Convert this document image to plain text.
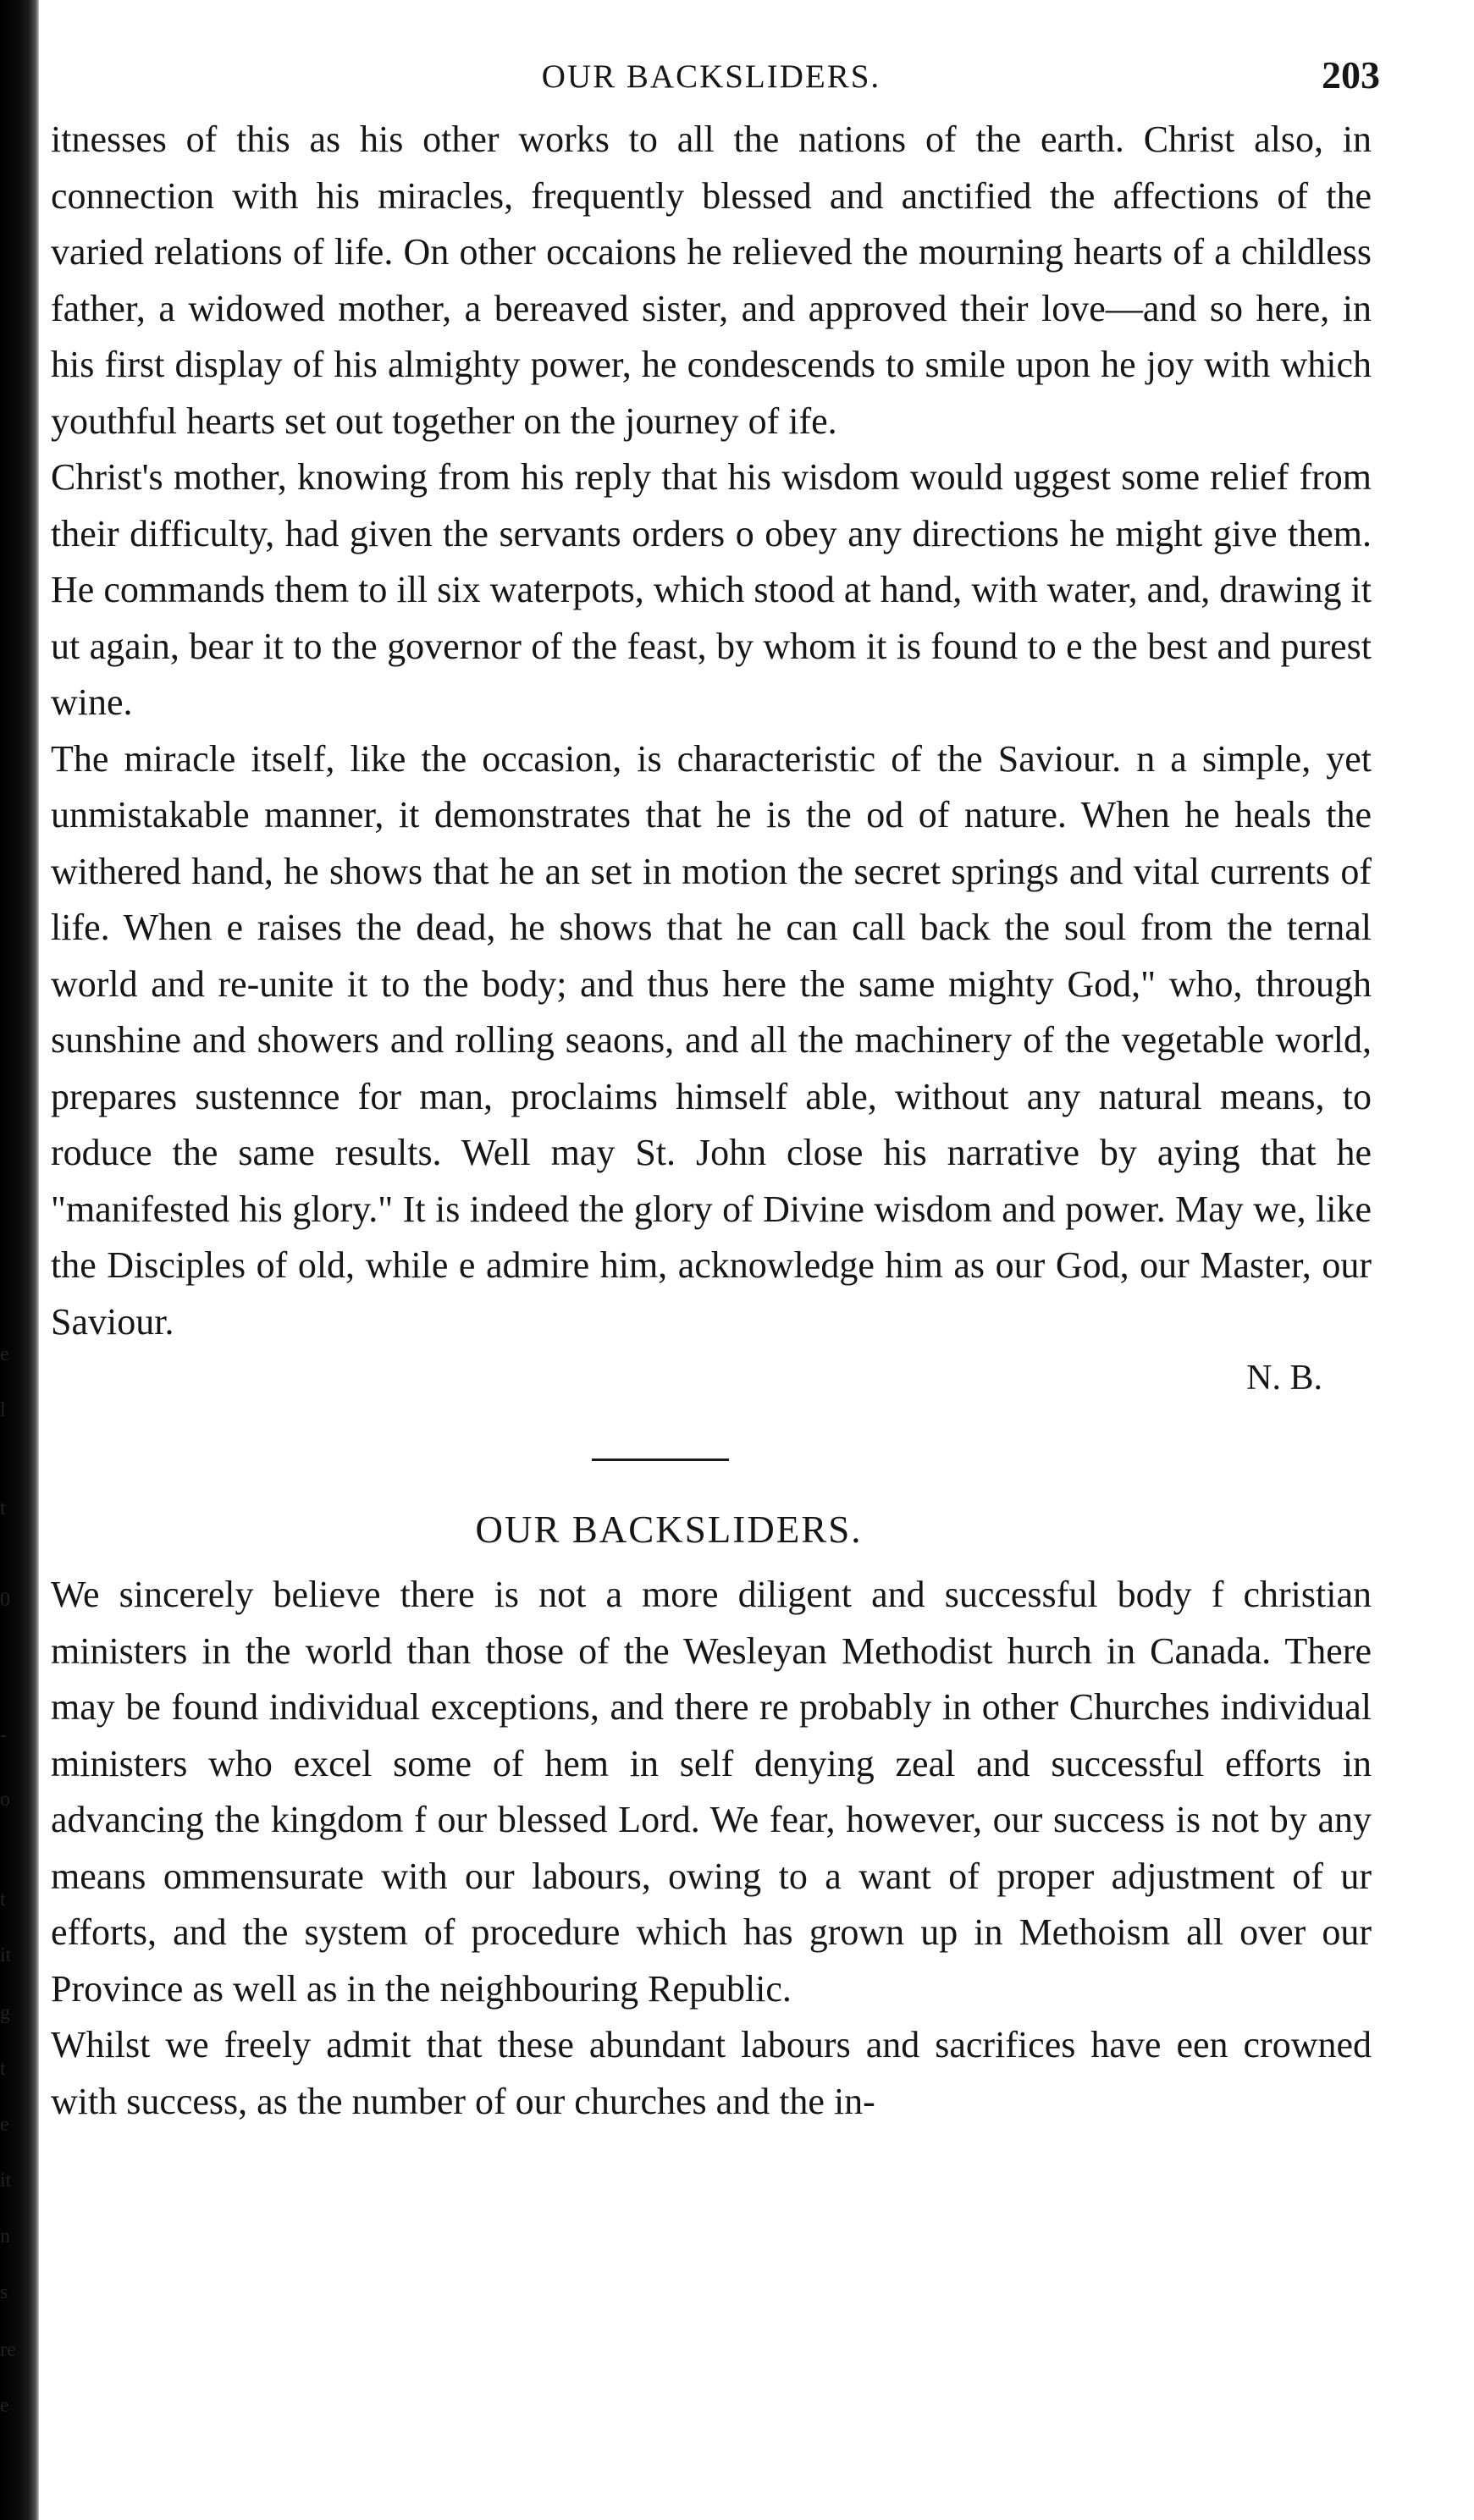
e
l
t
0
-
o
t
it
g
t
e
it
n
s
re
e
OUR BACKSLIDERS.	203

itnesses of this as his other works to all the nations of the earth. Christ also, in connection with his miracles, frequently blessed and anctified the affections of the varied relations of life. On other occaions he relieved the mourning hearts of a childless father, a widowed mother, a bereaved sister, and approved their love—and so here, in his first display of his almighty power, he condescends to smile upon he joy with which youthful hearts set out together on the journey of ife.

Christ's mother, knowing from his reply that his wisdom would uggest some relief from their difficulty, had given the servants orders o obey any directions he might give them. He commands them to ill six waterpots, which stood at hand, with water, and, drawing it ut again, bear it to the governor of the feast, by whom it is found to e the best and purest wine.

The miracle itself, like the occasion, is characteristic of the Saviour. n a simple, yet unmistakable manner, it demonstrates that he is the od of nature. When he heals the withered hand, he shows that he an set in motion the secret springs and vital currents of life. When e raises the dead, he shows that he can call back the soul from the ternal world and re-unite it to the body; and thus here the same mighty God," who, through sunshine and showers and rolling seaons, and all the machinery of the vegetable world, prepares sustennce for man, proclaims himself able, without any natural means, to roduce the same results. Well may St. John close his narrative by aying that he "manifested his glory." It is indeed the glory of Divine wisdom and power. May we, like the Disciples of old, while e admire him, acknowledge him as our God, our Master, our Saviour.

N. B.
OUR BACKSLIDERS.

We sincerely believe there is not a more diligent and successful body f christian ministers in the world than those of the Wesleyan Methodist hurch in Canada. There may be found individual exceptions, and there re probably in other Churches individual ministers who excel some of hem in self denying zeal and successful efforts in advancing the kingdom f our blessed Lord. We fear, however, our success is not by any means ommensurate with our labours, owing to a want of proper adjustment of ur efforts, and the system of procedure which has grown up in Methoism all over our Province as well as in the neighbouring Republic.

Whilst we freely admit that these abundant labours and sacrifices have een crowned with success, as the number of our churches and the in-
